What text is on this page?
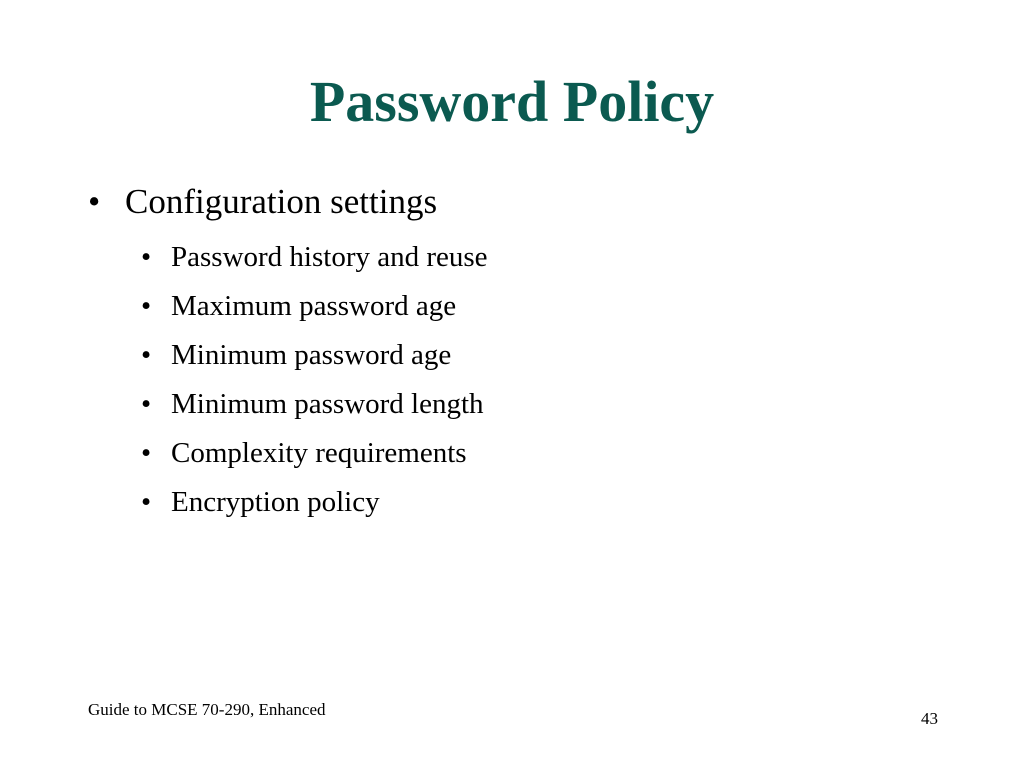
Password Policy
• Configuration settings
• Password history and reuse
• Maximum password age
• Minimum password age
• Minimum password length
• Complexity requirements
• Encryption policy
Guide to MCSE 70-290, Enhanced	43
